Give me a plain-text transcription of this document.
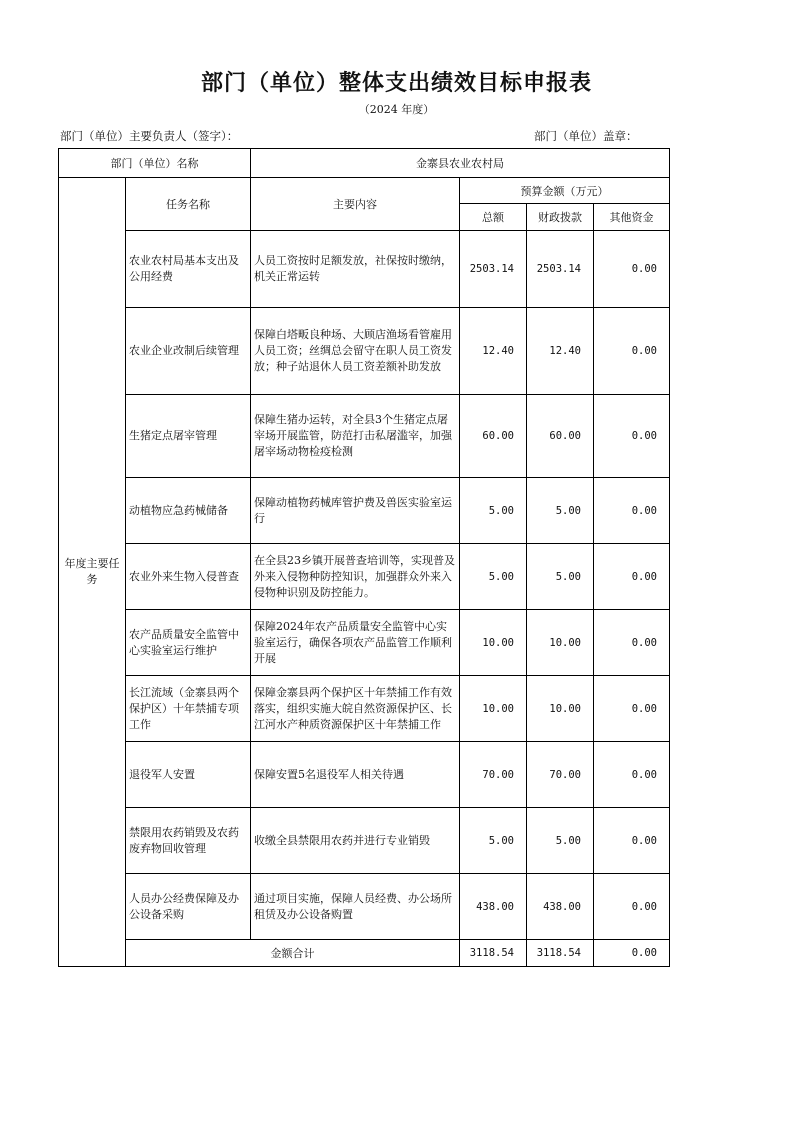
部门（单位）整体支出绩效目标申报表
（2024 年度）
部门（单位）主要负责人（签字）：	部门（单位）盖章：
部门（单位）名称		金寨县农业农村局			
年度主要任务	任务名称	主要内容	预算金额（万元）		
			总额	财政拨款	其他资金
	农业农村局基本支出及公用经费	人员工资按时足额发放，社保按时缴纳，机关正常运转	2503.14	2503.14	0.00
	农业企业改制后续管理	保障白塔畈良种场、大顾店渔场看管雇用人员工资；丝绸总会留守在职人员工资发放；种子站退休人员工资差额补助发放	12.40	12.40	0.00
	生猪定点屠宰管理	保障生猪办运转，对全县3个生猪定点屠宰场开展监管，防范打击私屠滥宰，加强屠宰场动物检疫检测	60.00	60.00	0.00
	动植物应急药械储备	保障动植物药械库管护费及兽医实验室运行	5.00	5.00	0.00
	农业外来生物入侵普查	在全县23乡镇开展普查培训等，实现普及外来入侵物种防控知识，加强群众外来入侵物种识别及防控能力。	5.00	5.00	0.00
	农产品质量安全监管中心实验室运行维护	保障2024年农产品质量安全监管中心实验室运行，确保各项农产品监管工作顺利开展	10.00	10.00	0.00
	长江流域（金寨县两个保护区）十年禁捕专项工作	保障金寨县两个保护区十年禁捕工作有效落实，组织实施大皖自然资源保护区、长江河水产种质资源保护区十年禁捕工作	10.00	10.00	0.00
	退役军人安置	保障安置5名退役军人相关待遇	70.00	70.00	0.00
	禁限用农药销毁及农药废弃物回收管理	收缴全县禁限用农药并进行专业销毁	5.00	5.00	0.00
	人员办公经费保障及办公设备采购	通过项目实施，保障人员经费、办公场所租赁及办公设备购置	438.00	438.00	0.00
	金额合计		3118.54	3118.54	0.00
